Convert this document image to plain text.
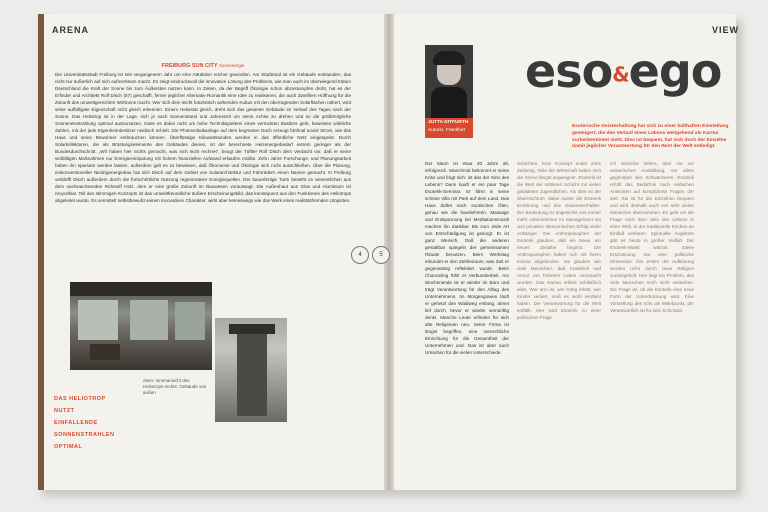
ARENA
FREIBURG SUN CITY Sonnenergie
Die Universitätsstadt Freiburg ist seit vergangenem Jahr um eine Attraktion reicher geworden. Am Stadtrand ist ein Gebäude entstanden, das nicht nur äußerlich auf sich aufmerksam macht. Es zeigt eindrucksvoll die innovative Lösung des Problems, wie man auch im überwiegend trüben Deutschland die Kraft der Sonne bis zum Äußersten nutzen kann. In Zeiten, da der Begriff Ökologie schon abzustumpfen droht, hat es der Erfinder und Architekt Rolf Disch (57) geschafft, ferner jeglicher Alternativ-Romantik eine Idee zu realisieren, die auch Zweiflern Hoffnung für die Zukunft des umweltgerechten Wohnens macht. Wer sich dem leicht futuristisch wirkenden Kubus mit den überragenden Solarflächen nähert, wird seine auffälligste Eigenschaft nicht gleich erkennen. Einem Heliostat gleich, dreht sich das gesamte Gebäude im Verlauf des Tages nach der Sonne. Das Heliotrop ist in der Lage, sich je nach Sonnenstand und Jahreszeit um seine Achse zu drehen und so die größtmögliche Sonneneinstrahlung optimal auszunutzen. Dass es dabei nicht um hohe Technikspielerei eines verrückten Bastlers geht, beweisen wirkliche Zahlen, mit der jede Eigenheimbesitzer neidisch schielt. Die Photovoltaikanlage auf dem begrünten Dach erzeugt fünfmal soviel Strom, wie das Haus und seine Bewohner verbrauchen können. Überflüssige Kilowattstunden werden in das öffentliche Netz eingespeist. Durch Solarkollektoren, die als Brüstungselemente des Gebäudes dienen, ist der berechnete Heizenergiebedarf extrem geringer als der Bundesdurchschnitt. „Wir haben hier nichts gemacht, was sich nicht rechnet“, beugt der Tüftler Rolf Disch dem Verdacht vor, daß er seine vielfältigen Maßnahmen nur Energieeinsparung mit hohem finanziellen Aufwand erkaufen müßte. Zehn Jahre Forschungs- und Planungsarbeit haben ihn sparsam werden lassen, außerdem galt es zu beweisen, daß Ökonomie und Ökologie sich nicht ausschließen. Über die Planung, einkonventioneller Niedrigenergiebau hat sich Disch auf dem Gebiet von Solararchitektur und Fahrrädern einen Namen gemacht. In Freiburg verblüfft Disch außerdem durch die fortschrittliche Nutzung regenerativer Energiequellen. Der bauerfertige Turm besteht im wesentlichen aus dem nachwachsenden Rohstoff Holz, dem er eine große Zukunft im Bauwesen voraussagt. Die Außenhaut aus Glas und Aluminium ist recycelbar. Teil des stimmigen Konzepts ist das umweltfreundliche äußere Erscheinungsbild, das konsequent aus den Funktionen des Heliotrops abgeleitet wurde. Es vermittelt selbstbewußt seinen innovativen Charakter, wirkt aber keineswegs wie das Werk eines realitätsfremden Utopisten.
oben: Innenansicht des Heliotrops rechts: Gebäude von außen
DAS HELIOTROP
NUTZT
EINFALLENDE
SONNENSTRAHLEN
OPTIMAL
4	5
VIEW
JUTTA DITFURTH
Autorin, Frankfurt
eso&ego
Esoterische Geisteshaltung hat sich zu einer kulthaften Einstellung gesteigert, die den Verlauf eines Lebens weitgehend als Karma vorherbestimmt sieht. Dies ist bequem, hat sich doch der Einzelne damit jeglicher Verantwortung für den Rest der Welt entledigt.
Der Mann ist etwa 40 Jahre alt, erfolgreich. Manchmal bekommt er seine Krise und fragt sich: ist das der Sinn des Lebens? Dann kauft er ein paar Tage Esoterik-Seminar. Er fährt in seine schöne Villa mit Park auf dem Land. Das Haus duftet nach exotischen Ölen, genau wie die hauslehrerin. Massage und Entspannung bei Meditationsmusik machen ihn dankbar. Bis zum Jede Art von Entschädigung ist gesorgt. Er ist ganz Mensch. Daß die anderen gestaltbar spiegeln der gemeinsamen Rituale benutzen. Beim Werkstag erkundet er den Zeitfreiraum, was Zeit er gegenwärtig reflektiert wurde. Beim Channeling fühlt er Verbundenheit. Am Wochenende ist er wieder im Büro und trägt Verantwortung für den Alltag des Unternehmens. Im Morgengrauen läuft er gehetzt den Waldweg entlang, atmet tief durch, bevor er wieder vernünftig denkt. Manche Leute erfinden für sich alte Religionen neu. Seine Firma ist längst begriffen, eine menschliche Einrichtung für die Gesamtheit der Unternehmen und. Das ist aber auch Ursachen für die vielen Unterschiede.
Schichten. Kein Konzept endet ohne Zeitkrieg. Teile der Wirtschaft haben sich die Szene längst angeeignet. Esoterik ist die Welt der mittleren Schicht mit vielen gebildeten Jugendlichen. Als Idee ist der Überreichtum, dabei nutzte die Esoterik Ernährung und das Gesamtverhalten. Die Bedeutung ist angesichts von immer mehr Unternehmen im Management ein und privatem ökonomischen Erfolg vieler Anhänger. Die Anthroposophen der Esoterik glauben, daß ein Neue, ein neues Zeitalter beginnt. Die Anthroposophen haben sich mit ihrem Karma abgefunden. Sie glauben wie viele Menschen, daß Krankheit und Armut von früheren Leben verursacht wurden. Das Karma erklärt schließlich alles. Wer arm ist, wer Krieg erlebt, wer Kinder verliert, muß es wohl verdient haben. Die Verantwortung für die Welt entfällt. Hier wird Esoterik zu einer politischen Frage.
Ich wünsche tiefere, aber nur zur esoterischen Ausbildung, vor allem gegenüber den Schwächeren. Esoterik erfüllt das Bedürfnis nach einfachen Antworten auf komplizierte Fragen der Zeit. Sie ist für die Einzelnen bequem und wird deshalb auch von sehr vielen Menschen übernommen. Es geht um die Frage nach dem Sinn des Lebens in einer Welt, in der traditionelle Kirchen an Einfluß verlieren. Spirituelle Angebote gibt es heute in großer Vielfalt. Der Esoterik-Markt wächst. Diese Erscheinung hat eine politische Dimension. Die Zeiten der Aufklärung werden nicht durch neue Religion zurückgeholt. Hier liegt ein Problem, das viele Menschen noch nicht verstehen. Die Frage ist, ob die Esoterik eine neue Form der Unterdrückung wird. Eine Vorstellung des Ichs als Mittelpunkt, der Verantwortlich ist für sein Schicksal.
